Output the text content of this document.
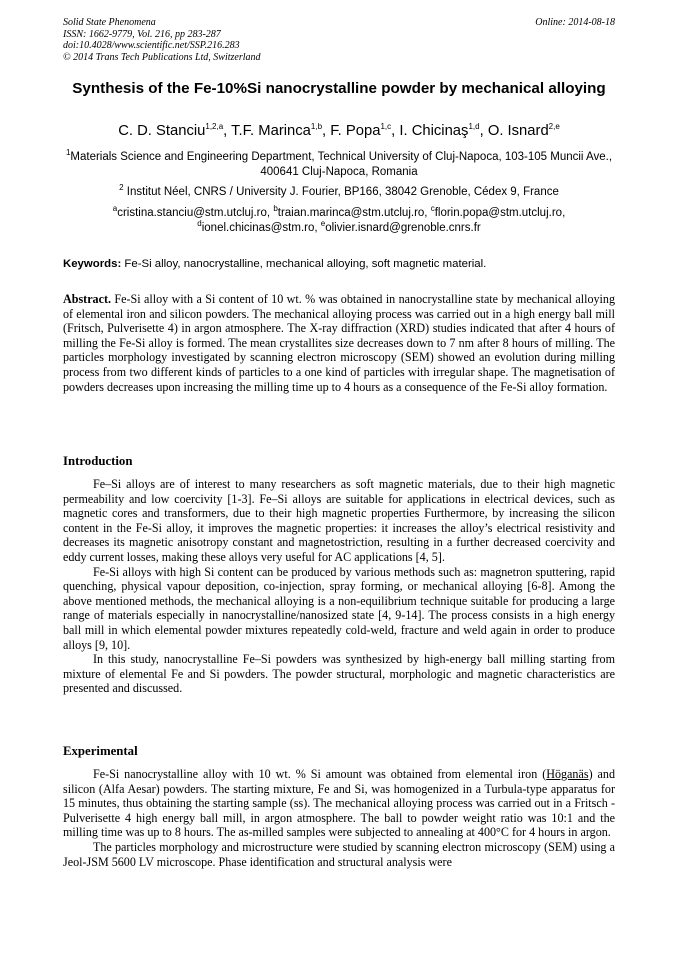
Solid State Phenomena
ISSN: 1662-9779, Vol. 216, pp 283-287
doi:10.4028/www.scientific.net/SSP.216.283
© 2014 Trans Tech Publications Ltd, Switzerland
Online: 2014-08-18
Synthesis of the Fe-10%Si nanocrystalline powder by mechanical alloying
C. D. Stanciu$^{1,2,a}$, T.F. Marinca$^{1,b}$, F. Popa$^{1,c}$, I. Chicinaş$^{1,d}$, O. Isnard$^{2,e}$
$^1$Materials Science and Engineering Department, Technical University of Cluj-Napoca, 103-105 Muncii Ave., 400641 Cluj-Napoca, Romania
$^2$ Institut Néel, CNRS / University J. Fourier, BP166, 38042 Grenoble, Cédex 9, France
$^a$cristina.stanciu@stm.utcluj.ro, $^b$traian.marinca@stm.utcluj.ro, $^c$florin.popa@stm.utcluj.ro, $^d$ionel.chicinas@stm.ro, $^e$olivier.isnard@grenoble.cnrs.fr
Keywords: Fe-Si alloy, nanocrystalline, mechanical alloying, soft magnetic material.
Abstract. Fe-Si alloy with a Si content of 10 wt. % was obtained in nanocrystalline state by mechanical alloying of elemental iron and silicon powders. The mechanical alloying process was carried out in a high energy ball mill (Fritsch, Pulverisette 4) in argon atmosphere. The X-ray diffraction (XRD) studies indicated that after 4 hours of milling the Fe-Si alloy is formed. The mean crystallites size decreases down to 7 nm after 8 hours of milling. The particles morphology investigated by scanning electron microscopy (SEM) showed an evolution during milling process from two different kinds of particles to a one kind of particles with irregular shape. The magnetisation of powders decreases upon increasing the milling time up to 4 hours as a consequence of the Fe-Si alloy formation.
Introduction

Fe–Si alloys are of interest to many researchers as soft magnetic materials, due to their high magnetic permeability and low coercivity [1-3]. Fe–Si alloys are suitable for applications in electrical devices, such as magnetic cores and transformers, due to their high magnetic properties Furthermore, by increasing the silicon content in the Fe-Si alloy, it improves the magnetic properties: it increases the alloy’s electrical resistivity and decreases its magnetic anisotropy constant and magnetostriction, resulting in a further decreased coercivity and eddy current losses, making these alloys very useful for AC applications [4, 5].

Fe-Si alloys with high Si content can be produced by various methods such as: magnetron sputtering, rapid quenching, physical vapour deposition, co-injection, spray forming, or mechanical alloying [6-8]. Among the above mentioned methods, the mechanical alloying is a non-equilibrium technique suitable for producing a large range of materials especially in nanocrystalline/nanosized state [4, 9-14]. The process consists in a high energy ball mill in which elemental powder mixtures repeatedly cold-weld, fracture and weld again in order to produce alloys [9, 10].

In this study, nanocrystalline Fe–Si powders was synthesized by high-energy ball milling starting from mixture of elemental Fe and Si powders. The powder structural, morphologic and magnetic characteristics are presented and discussed.

Experimental

Fe-Si nanocrystalline alloy with 10 wt. % Si amount was obtained from elemental iron (Höganäs) and silicon (Alfa Aesar) powders. The starting mixture, Fe and Si, was homogenized in a Turbula-type apparatus for 15 minutes, thus obtaining the starting sample (ss). The mechanical alloying process was carried out in a Fritsch - Pulverisette 4 high energy ball mill, in argon atmosphere. The ball to powder weight ratio was 10:1 and the milling time was up to 8 hours. The as-milled samples were subjected to annealing at 400°C for 4 hours in argon.

The particles morphology and microstructure were studied by scanning electron microscopy (SEM) using a Jeol-JSM 5600 LV microscope. Phase identification and structural analysis were
